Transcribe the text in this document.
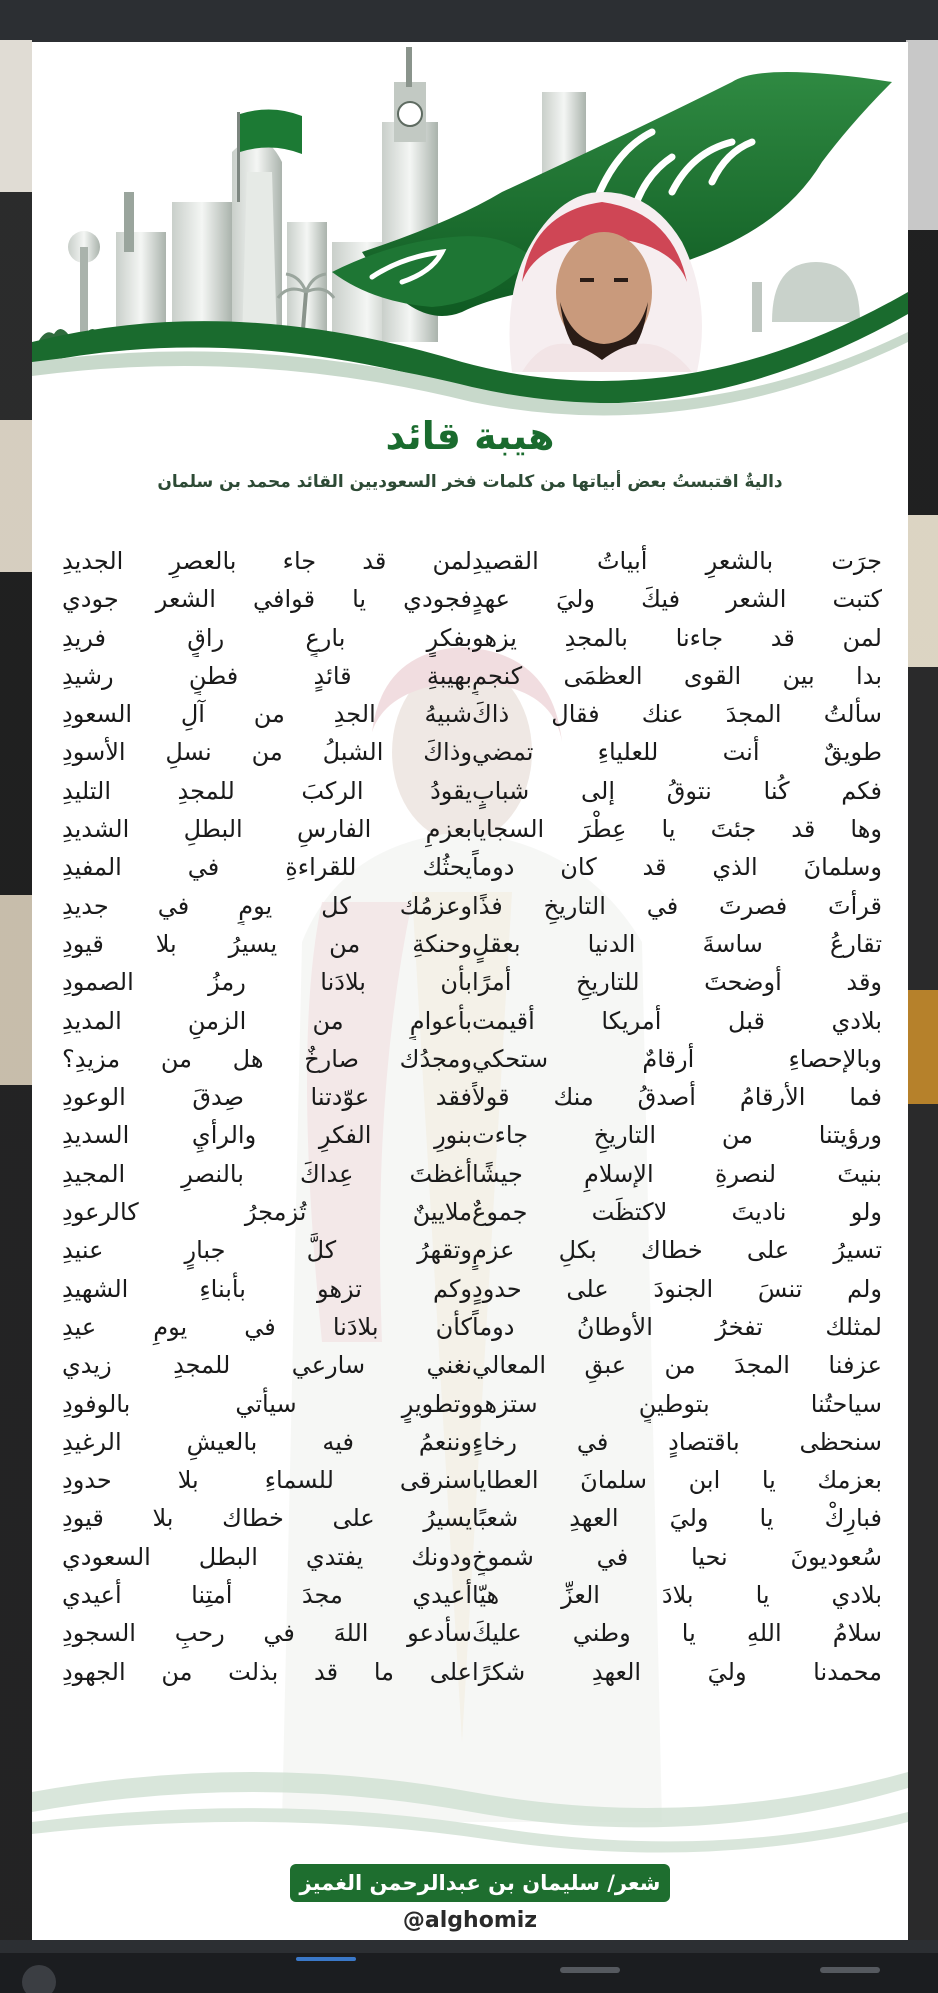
هيبة قائد
داليةٌ اقتبستُ بعض أبياتها من كلمات فخر السعوديين القائد محمد بن سلمان
جرَت بالشعرِ أبياتُ القصيدِ
كتبت الشعر فيكَ وليَ عهدٍ
لمن قد جاءنا بالمجدِ يزهو
بدا بين القوى العظمَى كنجمٍ
سألتُ المجدَ عنك فقال ذاكَ
طويقٌ أنت للعلياءِ تمضي
فكم كُنا نتوقُ إلى شبابٍ
وها قد جئتَ يا عِطْرَ السجايا
وسلمانَ الذي قد كان دوماً
قرأتَ فصرتَ في التاريخِ فذًا
تقارعُ ساسةَ الدنيا بعقلٍ
وقد أوضحتَ للتاريخِ أمرًا
بلادي قبل أمريكا أقيمت
وبالإحصاءِ أرقامٌ ستحكي
فما الأرقامُ أصدقُ منك قولاً
ورؤيتنا من التاريخِ جاءت
بنيتَ لنصرةِ الإسلامِ جيشًا
ولو ناديتَ لاكتظَت جموعٌ
تسيرُ على خطاك بكلِ عزمٍ
ولم تنسَ الجنودَ على حدودٍ
لمثلك تفخرُ الأوطانُ دوماً
عزفنا المجدَ من عبقِ المعالي
سياحتُنا بتوطينٍ ستزهو
سنحظى باقتصادٍ في رخاءٍ
بعزمك يا ابن سلمانَ العطايا
فبارِكْ يا وليَ العهدِ شعبًا
سُعوديونَ نحيا في شموخٍ
بلادي يا بلادَ العزِّ هيّا
سلامُ اللهِ يا وطني عليكَ
محمدنا وليَ العهدِ شكرًا
لمن قد جاء بالعصرِ الجديدِ
فجودي يا قوافي الشعر جودي
بفكرٍ بارعٍ راقٍ فريدِ
بهيبةِ قائدٍ فطنٍ رشيدِ
شبيهُ الجدِ من آلِ السعودِ
وذاكَ الشبلُ من نسلِ الأسودِ
يقودُ الركبَ للمجدِ التليدِ
بعزمِ الفارسِ البطلِ الشديدِ
يحثُك للقراءةِ في المفيدِ
وعزمُك كل يومٍ في جديدِ
وحنكةِ من يسيرُ بلا قيودِ
بأن بلادَنا رمزُ الصمودِ
بأعوامٍ من الزمنِ المديدِ
ومجدُك صارخٌ هل من مزيدِ؟
فقد عوّدتنا صِدقَ الوعودِ
بنورِ الفكرِ والرأيِ السديدِ
أغظتَ عِداكَ بالنصرِ المجيدِ
ملايينٌ تُزمجرُ كالرعودِ
وتقهرُ كلَّ جبارٍ عنيدِ
وكم تزهو بأبناءِ الشهيدِ
كأن بلادَنا في يومِ عيدِ
نغني سارعي للمجدِ زيدي
وتطويرٍ سيأتي بالوفودِ
وننعمُ فيه بالعيشِ الرغيدِ
سنرقى للسماءِ بلا حدودِ
يسيرُ على خطاك بلا قيودِ
ودونك يفتدي البطل السعودي
أعيدي مجدَ أمتِنا أعيدي
سأدعو اللهَ في رحبِ السجودِ
على ما قد بذلت من الجهودِ
شعر/ سليمان بن عبدالرحمن الغميز
@alghomiz
